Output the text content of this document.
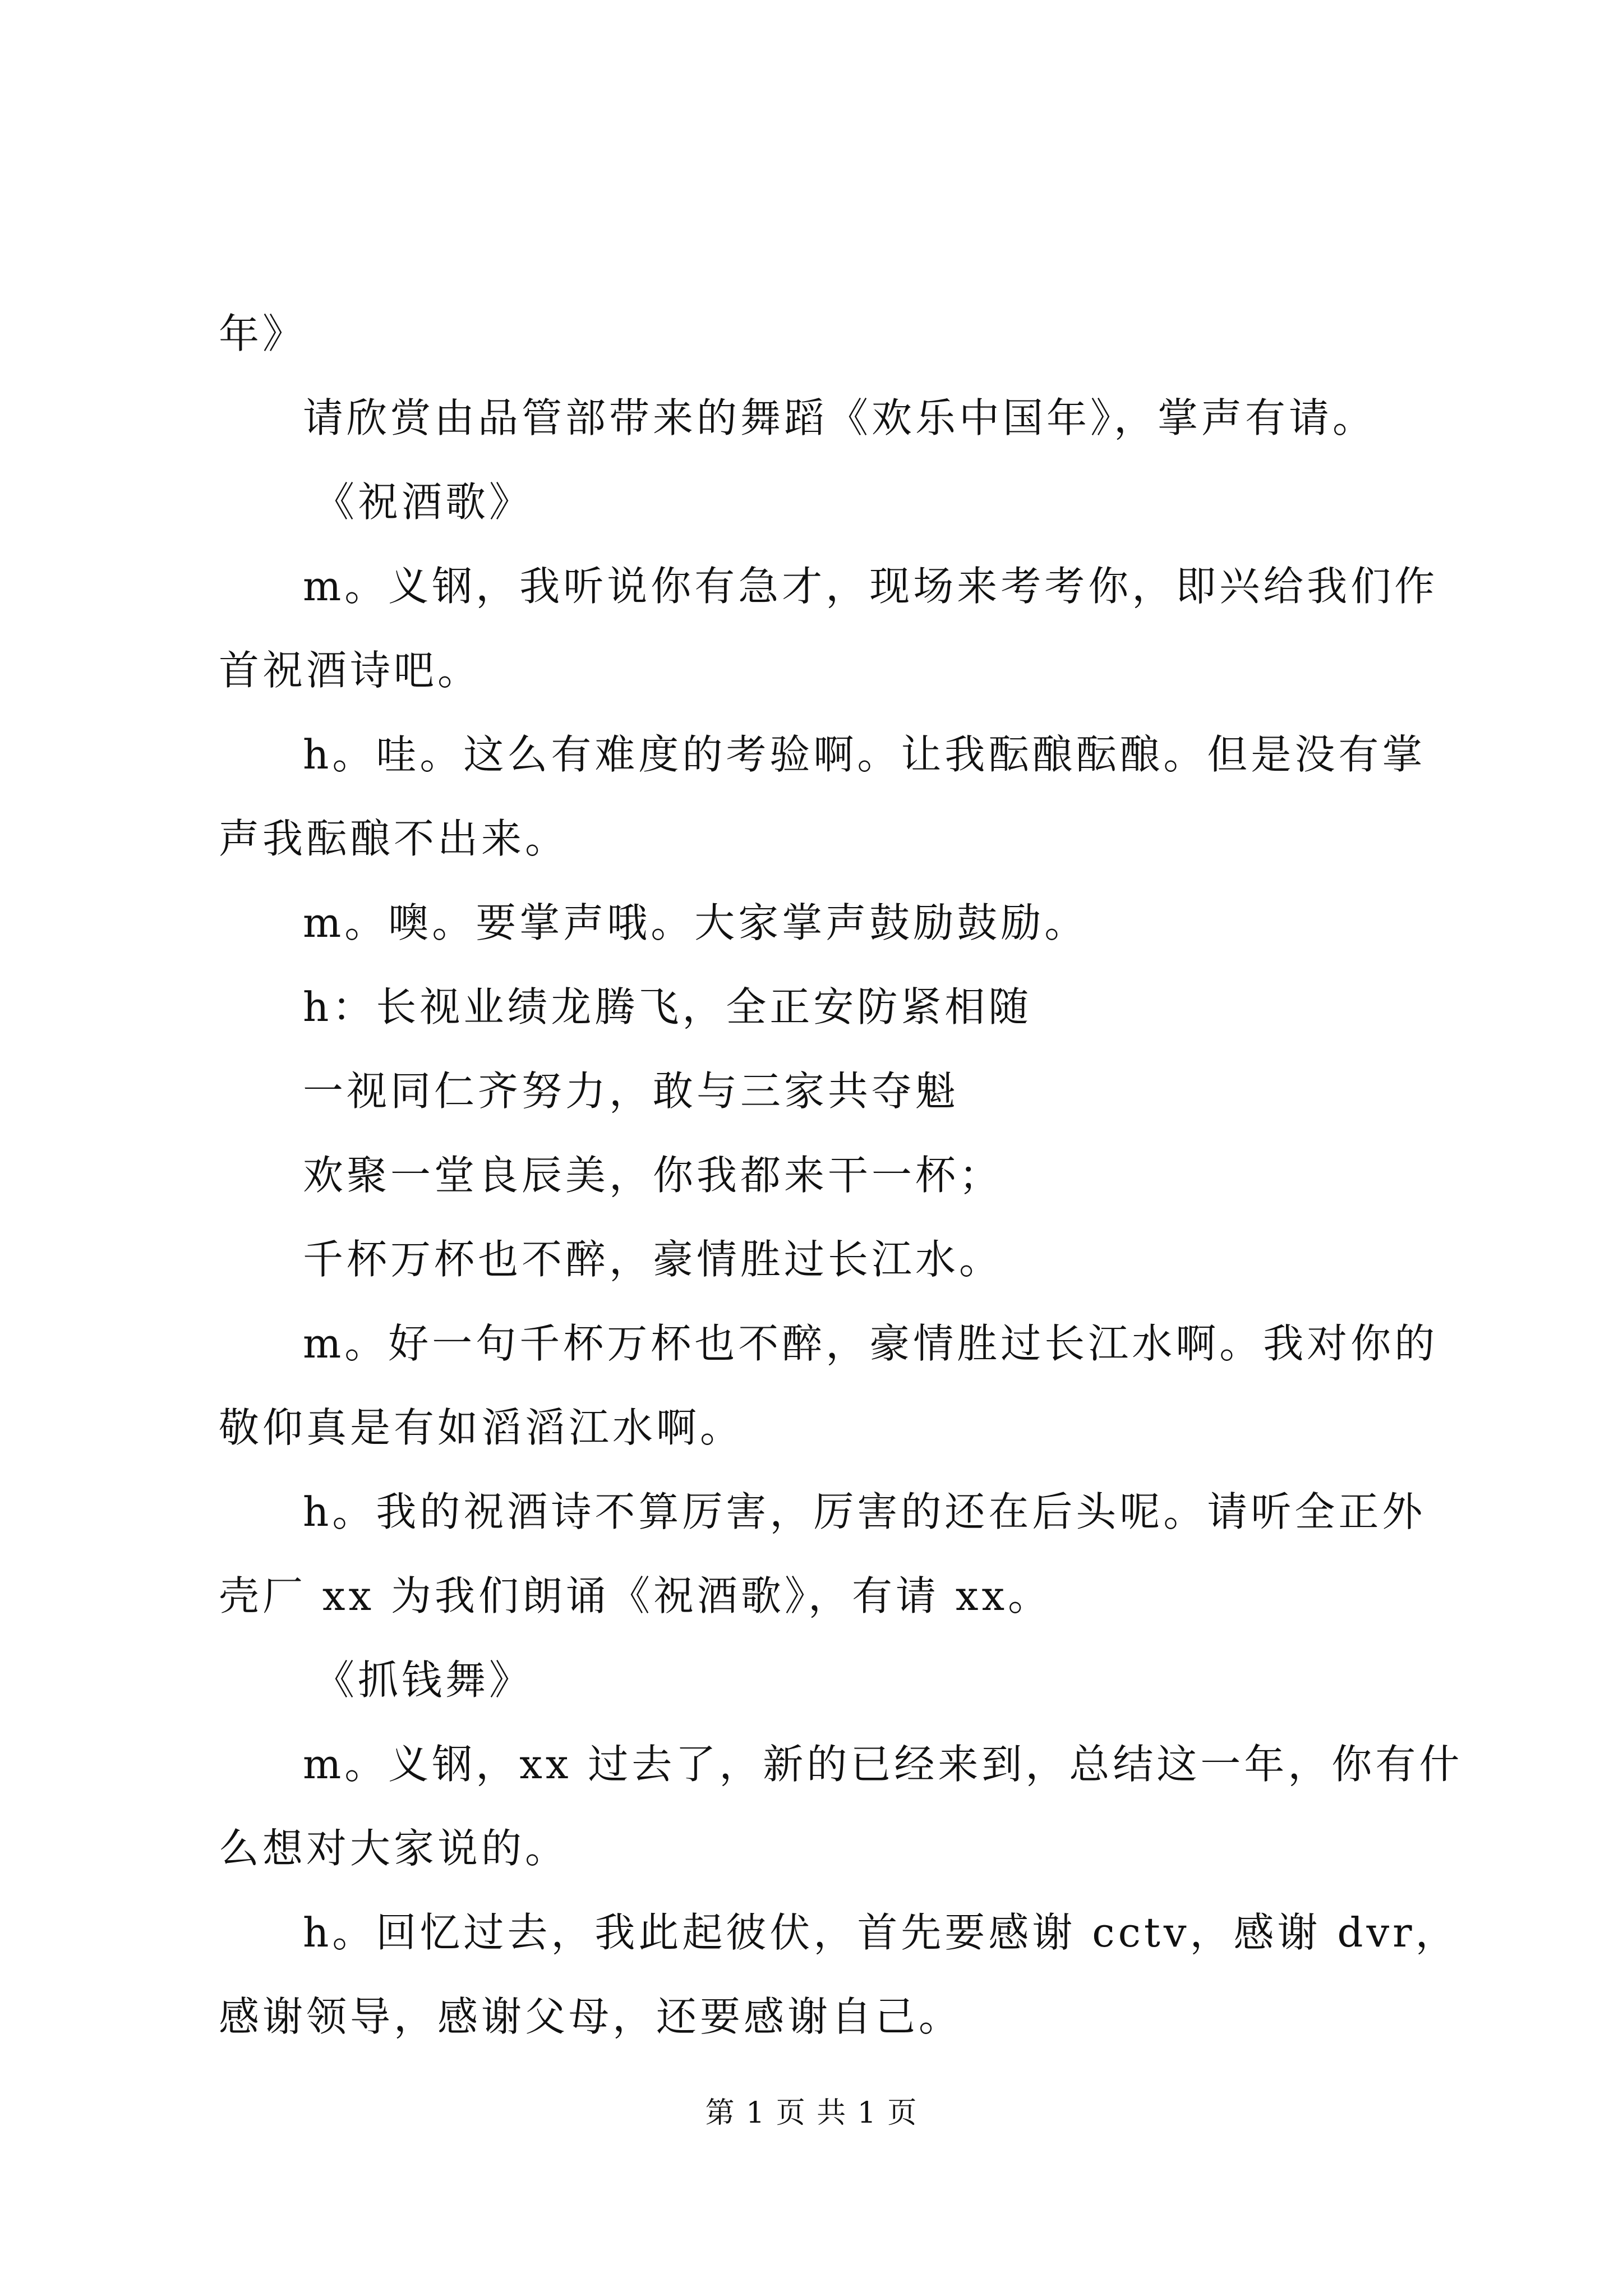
年》
请欣赏由品管部带来的舞蹈《欢乐中国年》，掌声有请。
《祝酒歌》
m。义钢，我听说你有急才，现场来考考你，即兴给我们作
首祝酒诗吧。
h。哇。这么有难度的考验啊。让我酝酿酝酿。但是没有掌
声我酝酿不出来。
m。噢。要掌声哦。大家掌声鼓励鼓励。
h：长视业绩龙腾飞，全正安防紧相随
一视同仁齐努力，敢与三家共夺魁
欢聚一堂良辰美，你我都来干一杯；
千杯万杯也不醉，豪情胜过长江水。
m。好一句千杯万杯也不醉，豪情胜过长江水啊。我对你的
敬仰真是有如滔滔江水啊。
h。我的祝酒诗不算厉害，厉害的还在后头呢。请听全正外
壳厂 xx 为我们朗诵《祝酒歌》，有请 xx。
《抓钱舞》
m。义钢，xx 过去了，新的已经来到，总结这一年，你有什
么想对大家说的。
h。回忆过去，我此起彼伏，首先要感谢 cctv，感谢 dvr，
感谢领导，感谢父母，还要感谢自己。
第 1 页 共 1 页
